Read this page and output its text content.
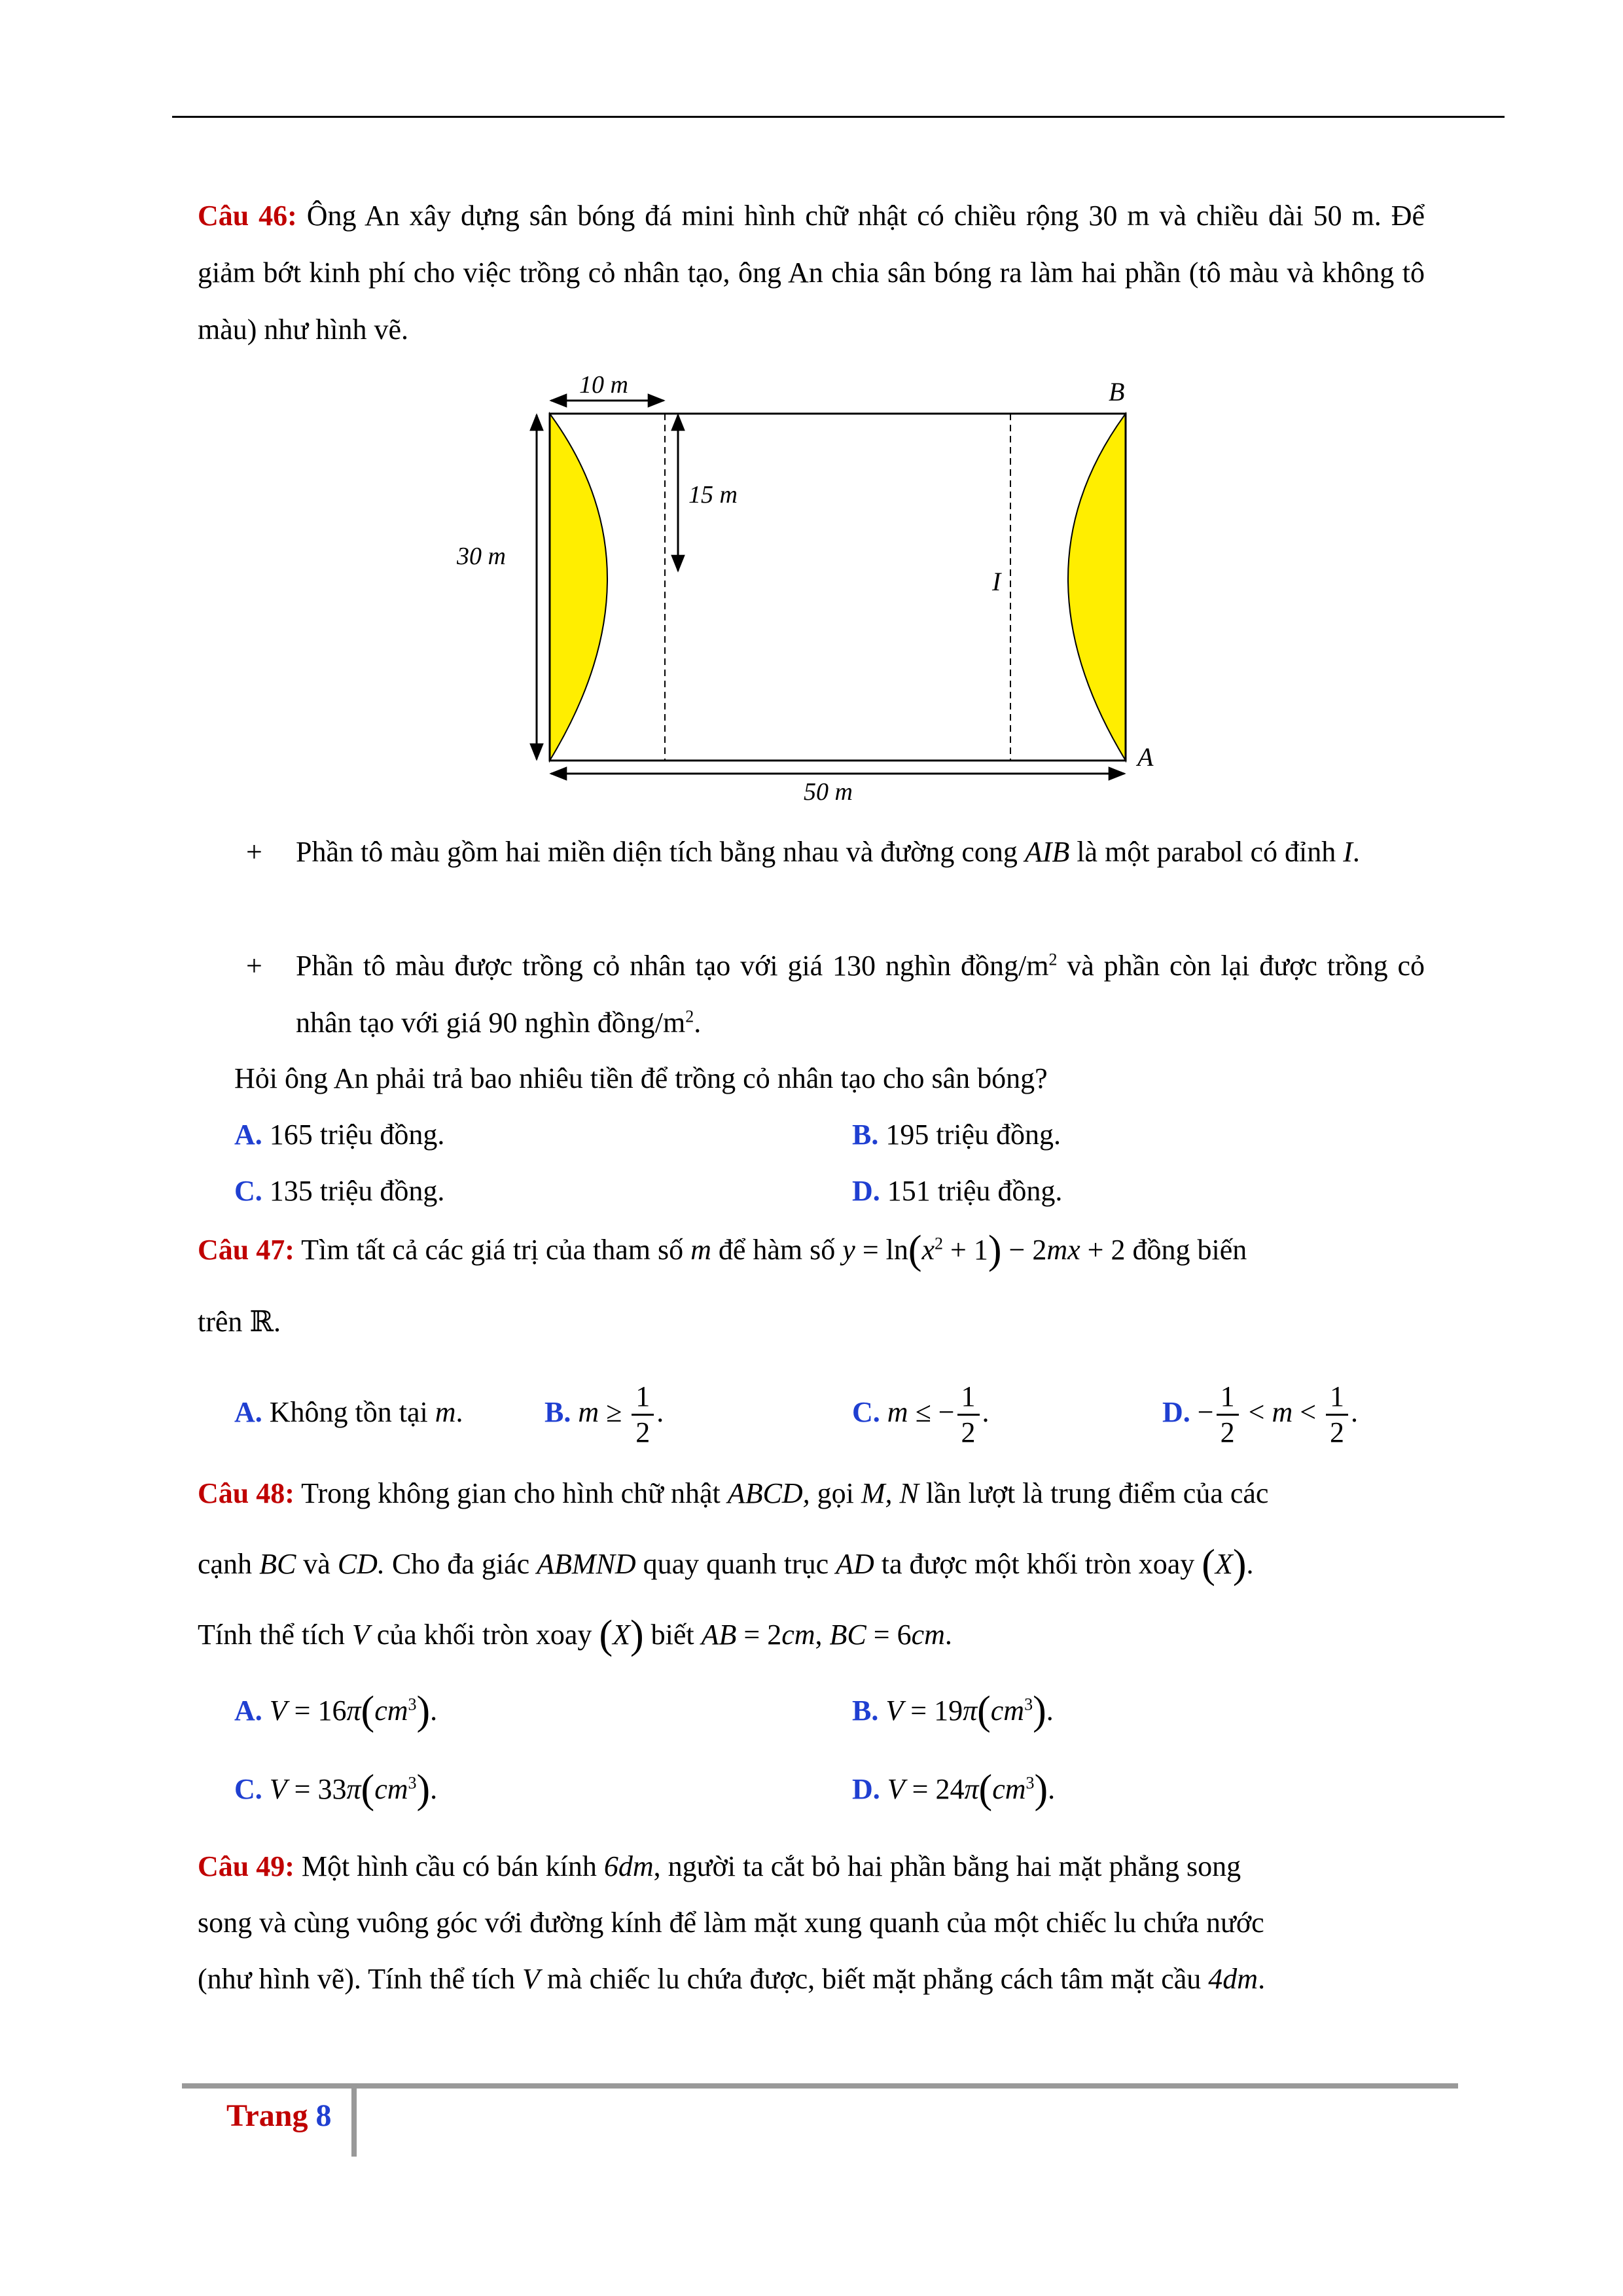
Câu 46: Ông An xây dựng sân bóng đá mini hình chữ nhật có chiều rộng 30 m và chiều dài 50 m. Để giảm bớt kinh phí cho việc trồng cỏ nhân tạo, ông An chia sân bóng ra làm hai phần (tô màu và không tô màu) như hình vẽ.
10 m
15 m
30 m
50 m
B
I
A
+ Phần tô màu gồm hai miền diện tích bằng nhau và đường cong AIB là một parabol có đỉnh I.
+ Phần tô màu được trồng cỏ nhân tạo với giá 130 nghìn đồng/$m^2$ và phần còn lại được trồng cỏ nhân tạo với giá 90 nghìn đồng/$m^2$.
Hỏi ông An phải trả bao nhiêu tiền để trồng cỏ nhân tạo cho sân bóng?
A. 165 triệu đồng.	B. 195 triệu đồng.
C. 135 triệu đồng.	D. 151 triệu đồng.
Câu 47: Tìm tất cả các giá trị của tham số m để hàm số $y = \ln(x^2 + 1) - 2mx + 2$ đồng biến
trên ℝ.
A. Không tồn tại m.	B. $m \ge \frac{1}{2}$ .	C. m ≤ − $\frac{1}{2}$ .	D. − $\frac{1}{2} < m < \frac{1}{2}$ .
Câu 48: Trong không gian cho hình chữ nhật ABCD, gọi M, N lần lượt là trung điểm của các
cạnh BC và CD. Cho đa giác ABMND quay quanh trục AD ta được một khối tròn xoay (X).
Tính thể tích V của khối tròn xoay (X) biết AB = 2cm, BC = 6cm.
A. $V = 16\pi(cm^3)$.	B. $V = 19\pi(cm^3)$.
C. $V = 33\pi(cm^3)$.	D. $V = 24\pi(cm^3)$.
Câu 49: Một hình cầu có bán kính 6dm, người ta cắt bỏ hai phần bằng hai mặt phẳng song
song và cùng vuông góc với đường kính để làm mặt xung quanh của một chiếc lu chứa nước
(như hình vẽ). Tính thể tích V mà chiếc lu chứa được, biết mặt phẳng cách tâm mặt cầu 4dm.
Trang 8
